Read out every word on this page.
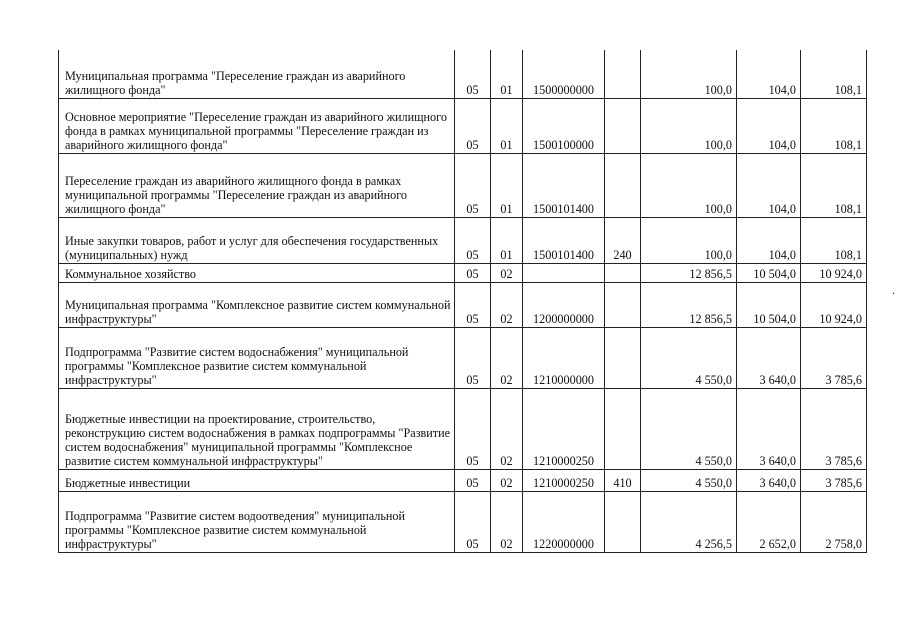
Муниципальная программа "Переселение граждан из аварийного жилищного фонда"	05	01	1500000000		100,0	104,0	108,1
Основное мероприятие "Переселение граждан из аварийного жилищного фонда в рамках муниципальной программы "Переселение граждан из аварийного жилищного фонда"	05	01	1500100000		100,0	104,0	108,1
Переселение граждан из аварийного жилищного фонда в рамках муниципальной программы "Переселение граждан из аварийного жилищного фонда"	05	01	1500101400		100,0	104,0	108,1
Иные закупки товаров, работ и услуг для обеспечения государственных (муниципальных) нужд	05	01	1500101400	240	100,0	104,0	108,1
Коммунальное хозяйство	05	02			12 856,5	10 504,0	10 924,0
Муниципальная программа "Комплексное развитие систем коммунальной инфраструктуры"	05	02	1200000000		12 856,5	10 504,0	10 924,0
Подпрограмма "Развитие систем водоснабжения" муниципальной программы "Комплексное развитие систем коммунальной инфраструктуры"	05	02	1210000000		4 550,0	3 640,0	3 785,6
Бюджетные инвестиции на проектирование, строительство, реконструкцию систем водоснабжения в рамках подпрограммы "Развитие систем водоснабжения" муниципальной программы "Комплексное развитие систем коммунальной инфраструктуры"	05	02	1210000250		4 550,0	3 640,0	3 785,6
Бюджетные инвестиции	05	02	1210000250	410	4 550,0	3 640,0	3 785,6
Подпрограмма "Развитие систем водоотведения" муниципальной программы "Комплексное развитие систем коммунальной инфраструктуры"	05	02	1220000000		4 256,5	2 652,0	2 758,0
.
